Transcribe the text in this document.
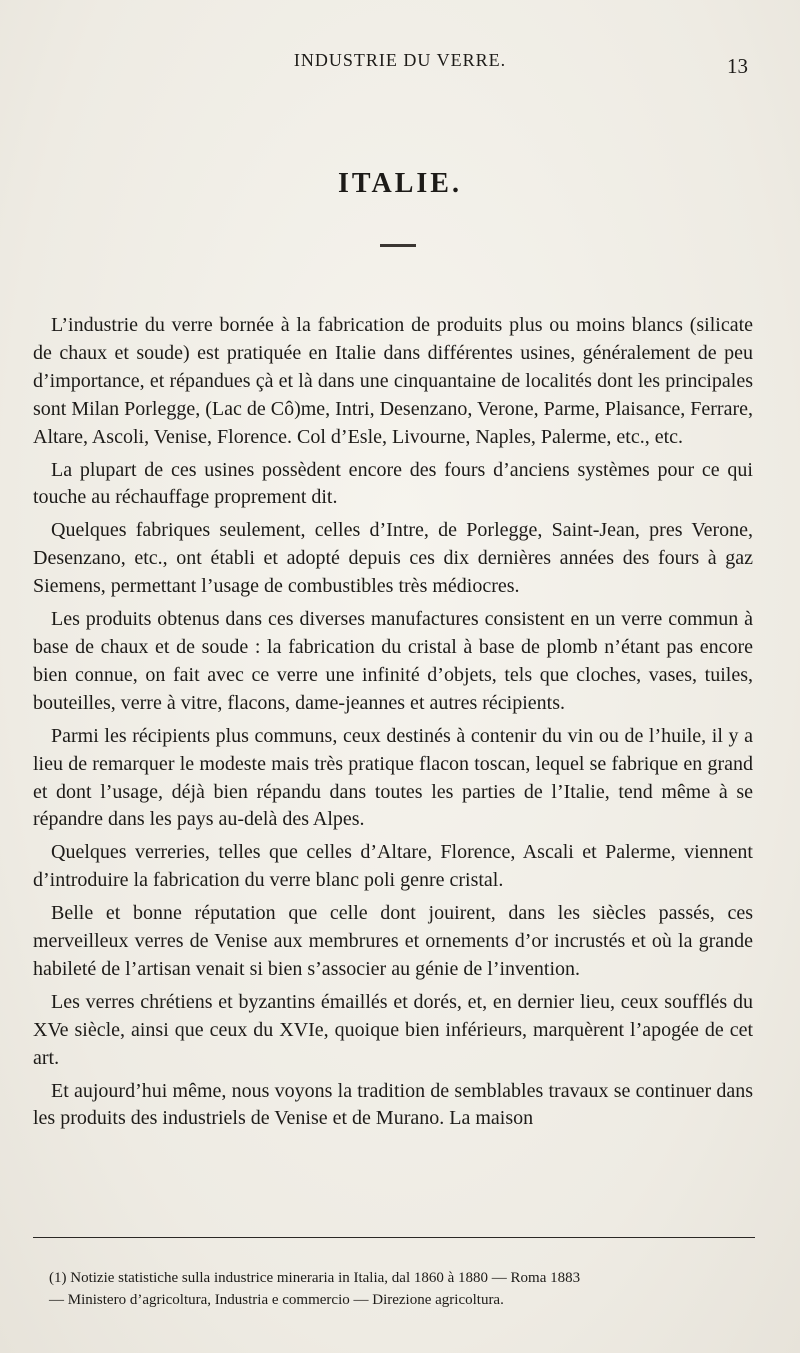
INDUSTRIE DU VERRE.	13
ITALIE.

L’industrie du verre bornée à la fabrication de produits plus ou moins blancs (silicate de chaux et soude) est pratiquée en Italie dans différentes usines, généralement de peu d’importance, et répandues çà et là dans une cinquantaine de localités dont les principales sont Milan Porlegge, (Lac de Cô)me, Intri, Desenzano, Verone, Parme, Plaisance, Ferrare, Altare, Ascoli, Venise, Florence. Col d’Esle, Livourne, Naples, Palerme, etc., etc.

La plupart de ces usines possèdent encore des fours d’anciens systèmes pour ce qui touche au réchauffage proprement dit.

Quelques fabriques seulement, celles d’Intre, de Porlegge, Saint-Jean, pres Verone, Desenzano, etc., ont établi et adopté depuis ces dix dernières années des fours à gaz Siemens, permettant l’usage de combustibles très médiocres.

Les produits obtenus dans ces diverses manufactures consistent en un verre commun à base de chaux et de soude : la fabrication du cristal à base de plomb n’étant pas encore bien connue, on fait avec ce verre une infinité d’objets, tels que cloches, vases, tuiles, bouteilles, verre à vitre, flacons, dame-jeannes et autres récipients.

Parmi les récipients plus communs, ceux destinés à contenir du vin ou de l’huile, il y a lieu de remarquer le modeste mais très pratique flacon toscan, lequel se fabrique en grand et dont l’usage, déjà bien répandu dans toutes les parties de l’Italie, tend même à se répandre dans les pays au-delà des Alpes.

Quelques verreries, telles que celles d’Altare, Florence, Ascali et Palerme, viennent d’introduire la fabrication du verre blanc poli genre cristal.

Belle et bonne réputation que celle dont jouirent, dans les siècles passés, ces merveilleux verres de Venise aux membrures et ornements d’or incrustés et où la grande habileté de l’artisan venait si bien s’associer au génie de l’invention.

Les verres chrétiens et byzantins émaillés et dorés, et, en dernier lieu, ceux soufflés du XVe siècle, ainsi que ceux du XVIe, quoique bien inférieurs, marquèrent l’apogée de cet art.

Et aujourd’hui même, nous voyons la tradition de semblables travaux se continuer dans les produits des industriels de Venise et de Murano. La maison

(1) Notizie statistiche sulla industrice mineraria in Italia, dal 1860 à 1880 — Roma 1883

— Ministero d’agricoltura, Industria e commercio — Direzione agricoltura.
